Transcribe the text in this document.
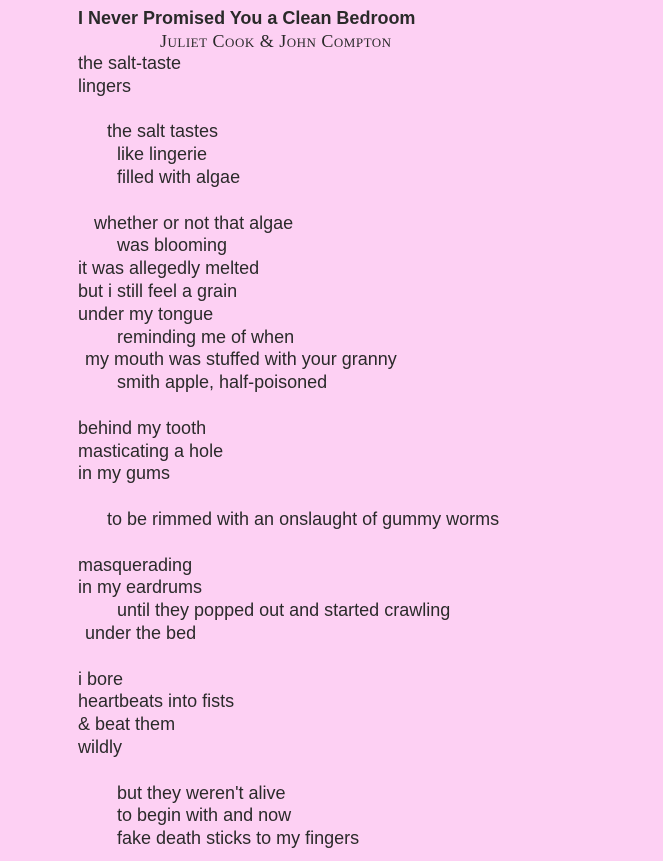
I Never Promised You a Clean Bedroom
Juliet Cook & John Compton
the salt-taste
lingers
the salt tastes
like lingerie
filled with algae
whether or not that algae
was blooming
it was allegedly melted
but i still feel a grain
under my tongue
reminding me of when
my mouth was stuffed with your granny
smith apple, half-poisoned
behind my tooth
masticating a hole
in my gums
to be rimmed with an onslaught of gummy worms
masquerading
in my eardrums
until they popped out and started crawling
under the bed
i bore
heartbeats into fists
& beat them
wildly
but they weren't alive
to begin with and now
fake death sticks to my fingers
